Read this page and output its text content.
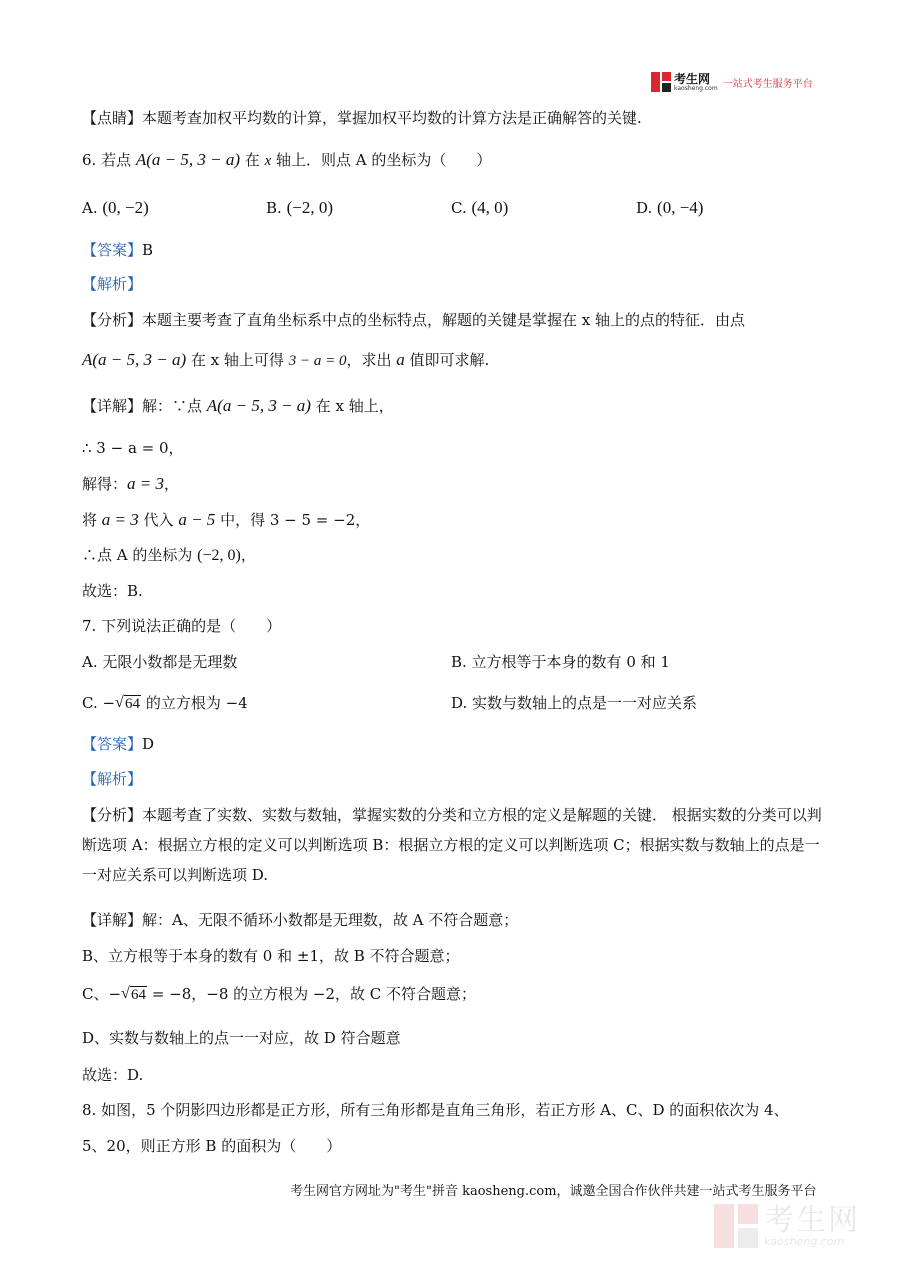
考生网
kaosheng.com 一站式考生服务平台
【点睛】本题考查加权平均数的计算，掌握加权平均数的计算方法是正确解答的关键.
6. 若点 A(a − 5, 3 − a) 在 x 轴上．则点 A 的坐标为（　　）
A. (0, −2)	B. (−2, 0)	C. (4, 0)	D. (0, −4)
【答案】B
【解析】
【分析】本题主要考查了直角坐标系中点的坐标特点，解题的关键是掌握在 x 轴上的点的特征．由点
A(a − 5, 3 − a) 在 x 轴上可得 3 − a = 0，求出 a 值即可求解.
【详解】解：∵点 A(a − 5, 3 − a) 在 x 轴上，
∴ 3 − a = 0，
解得：a = 3，
将 a = 3 代入 a − 5 中，得 3 − 5 = −2，
∴点 A 的坐标为 (−2, 0)，
故选：B.
7. 下列说法正确的是（　　）
A. 无限小数都是无理数	B. 立方根等于本身的数有 0 和 1
C. − √ 64 的立方根为 −4	D. 实数与数轴上的点是一一对应关系
【答案】D
【解析】
【分析】本题考查了实数、实数与数轴，掌握实数的分类和立方根的定义是解题的关键． 根据实数的分类可以判断选项 A：根据立方根的定义可以判断选项 B：根据立方根的定义可以判断选项 C；根据实数与数轴上的点是一一对应关系可以判断选项 D.
【详解】解：A、无限不循环小数都是无理数，故 A 不符合题意；
B、立方根等于本身的数有 0 和 ±1，故 B 不符合题意；
C、− √ 64 = −8，−8 的立方根为 −2，故 C 不符合题意；
D、实数与数轴上的点一一对应，故 D 符合题意
故选：D.
8. 如图，5 个阴影四边形都是正方形，所有三角形都是直角三角形，若正方形 A、C、D 的面积依次为 4、
5、20，则正方形 B 的面积为（　　）
考生网官方网址为"考生"拼音 kaosheng.com，诚邀全国合作伙伴共建一站式考生服务平台
考生网
kaosheng.com
